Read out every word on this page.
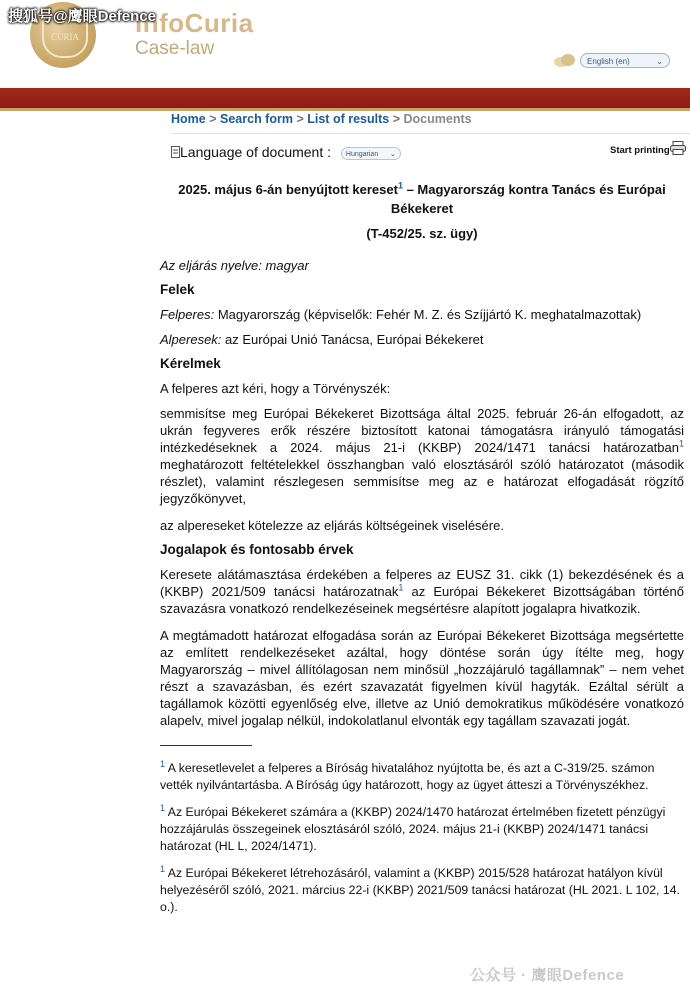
CURIA	InfoCuria
Case-law
English (en)	⌄
搜狐号@鹰眼Defence
Home > Search form > List of results > Documents
Language of document : Hungarian ⌄	Start printing
2025. május 6-án benyújtott kereset$^1$ – Magyarország kontra Tanács és Európai Békekeret
(T-452/25. sz. ügy)

Az eljárás nyelve: magyar

Felek

Felperes: Magyarország (képviselők: Fehér M. Z. és Szíjjártó K. meghatalmazottak)

Alperesek: az Európai Unió Tanácsa, Európai Békekeret

Kérelmek

A felperes azt kéri, hogy a Törvényszék:

semmisítse meg Európai Békekeret Bizottsága által 2025. február 26-án elfogadott, az ukrán fegyveres erők részére biztosított katonai támogatásra irányuló támogatási intézkedéseknek a 2024. május 21-i (KKBP) 2024/1471 tanácsi határozatban$^1$ meghatározott feltételekkel összhangban való elosztásáról szóló határozatot (második részlet), valamint részlegesen semmisítse meg az e határozat elfogadását rögzítő jegyzőkönyvet,

az alpereseket kötelezze az eljárás költségeinek viselésére.

Jogalapok és fontosabb érvek

Keresete alátámasztása érdekében a felperes az EUSZ 31. cikk (1) bekezdésének és a (KKBP) 2021/509 tanácsi határozatnak$^1$ az Európai Békekeret Bizottságában történő szavazásra vonatkozó rendelkezéseinek megsértésre alapított jogalapra hivatkozik.

A megtámadott határozat elfogadása során az Európai Békekeret Bizottsága megsértette az említett rendelkezéseket azáltal, hogy döntése során úgy ítélte meg, hogy Magyarország – mivel állítólagosan nem minősül „hozzájáruló tagállamnak” – nem vehet részt a szavazásban, és ezért szavazatát figyelmen kívül hagyták. Ezáltal sérült a tagállamok közötti egyenlőség elve, illetve az Unió demokratikus működésére vonatkozó alapelv, mivel jogalap nélkül, indokolatlanul elvonták egy tagállam szavazati jogát.

$^1$ A keresetlevelet a felperes a Bíróság hivatalához nyújtotta be, és azt a C-319/25. számon vették nyilvántartásba. A Bíróság úgy határozott, hogy az ügyet átteszi a Törvényszékhez.
$^1$ Az Európai Békekeret számára a (KKBP) 2024/1470 határozat értelmében fizetett pénzügyi hozzájárulás összegeinek elosztásáról szóló, 2024. május 21-i (KKBP) 2024/1471 tanácsi határozat (HL L, 2024/1471).
$^1$ Az Európai Békekeret létrehozásáról, valamint a (KKBP) 2015/528 határozat hatályon kívül helyezéséről szóló, 2021. március 22-i (KKBP) 2021/509 tanácsi határozat (HL 2021. L 102, 14. o.).
公众号 · 鹰眼Defence
